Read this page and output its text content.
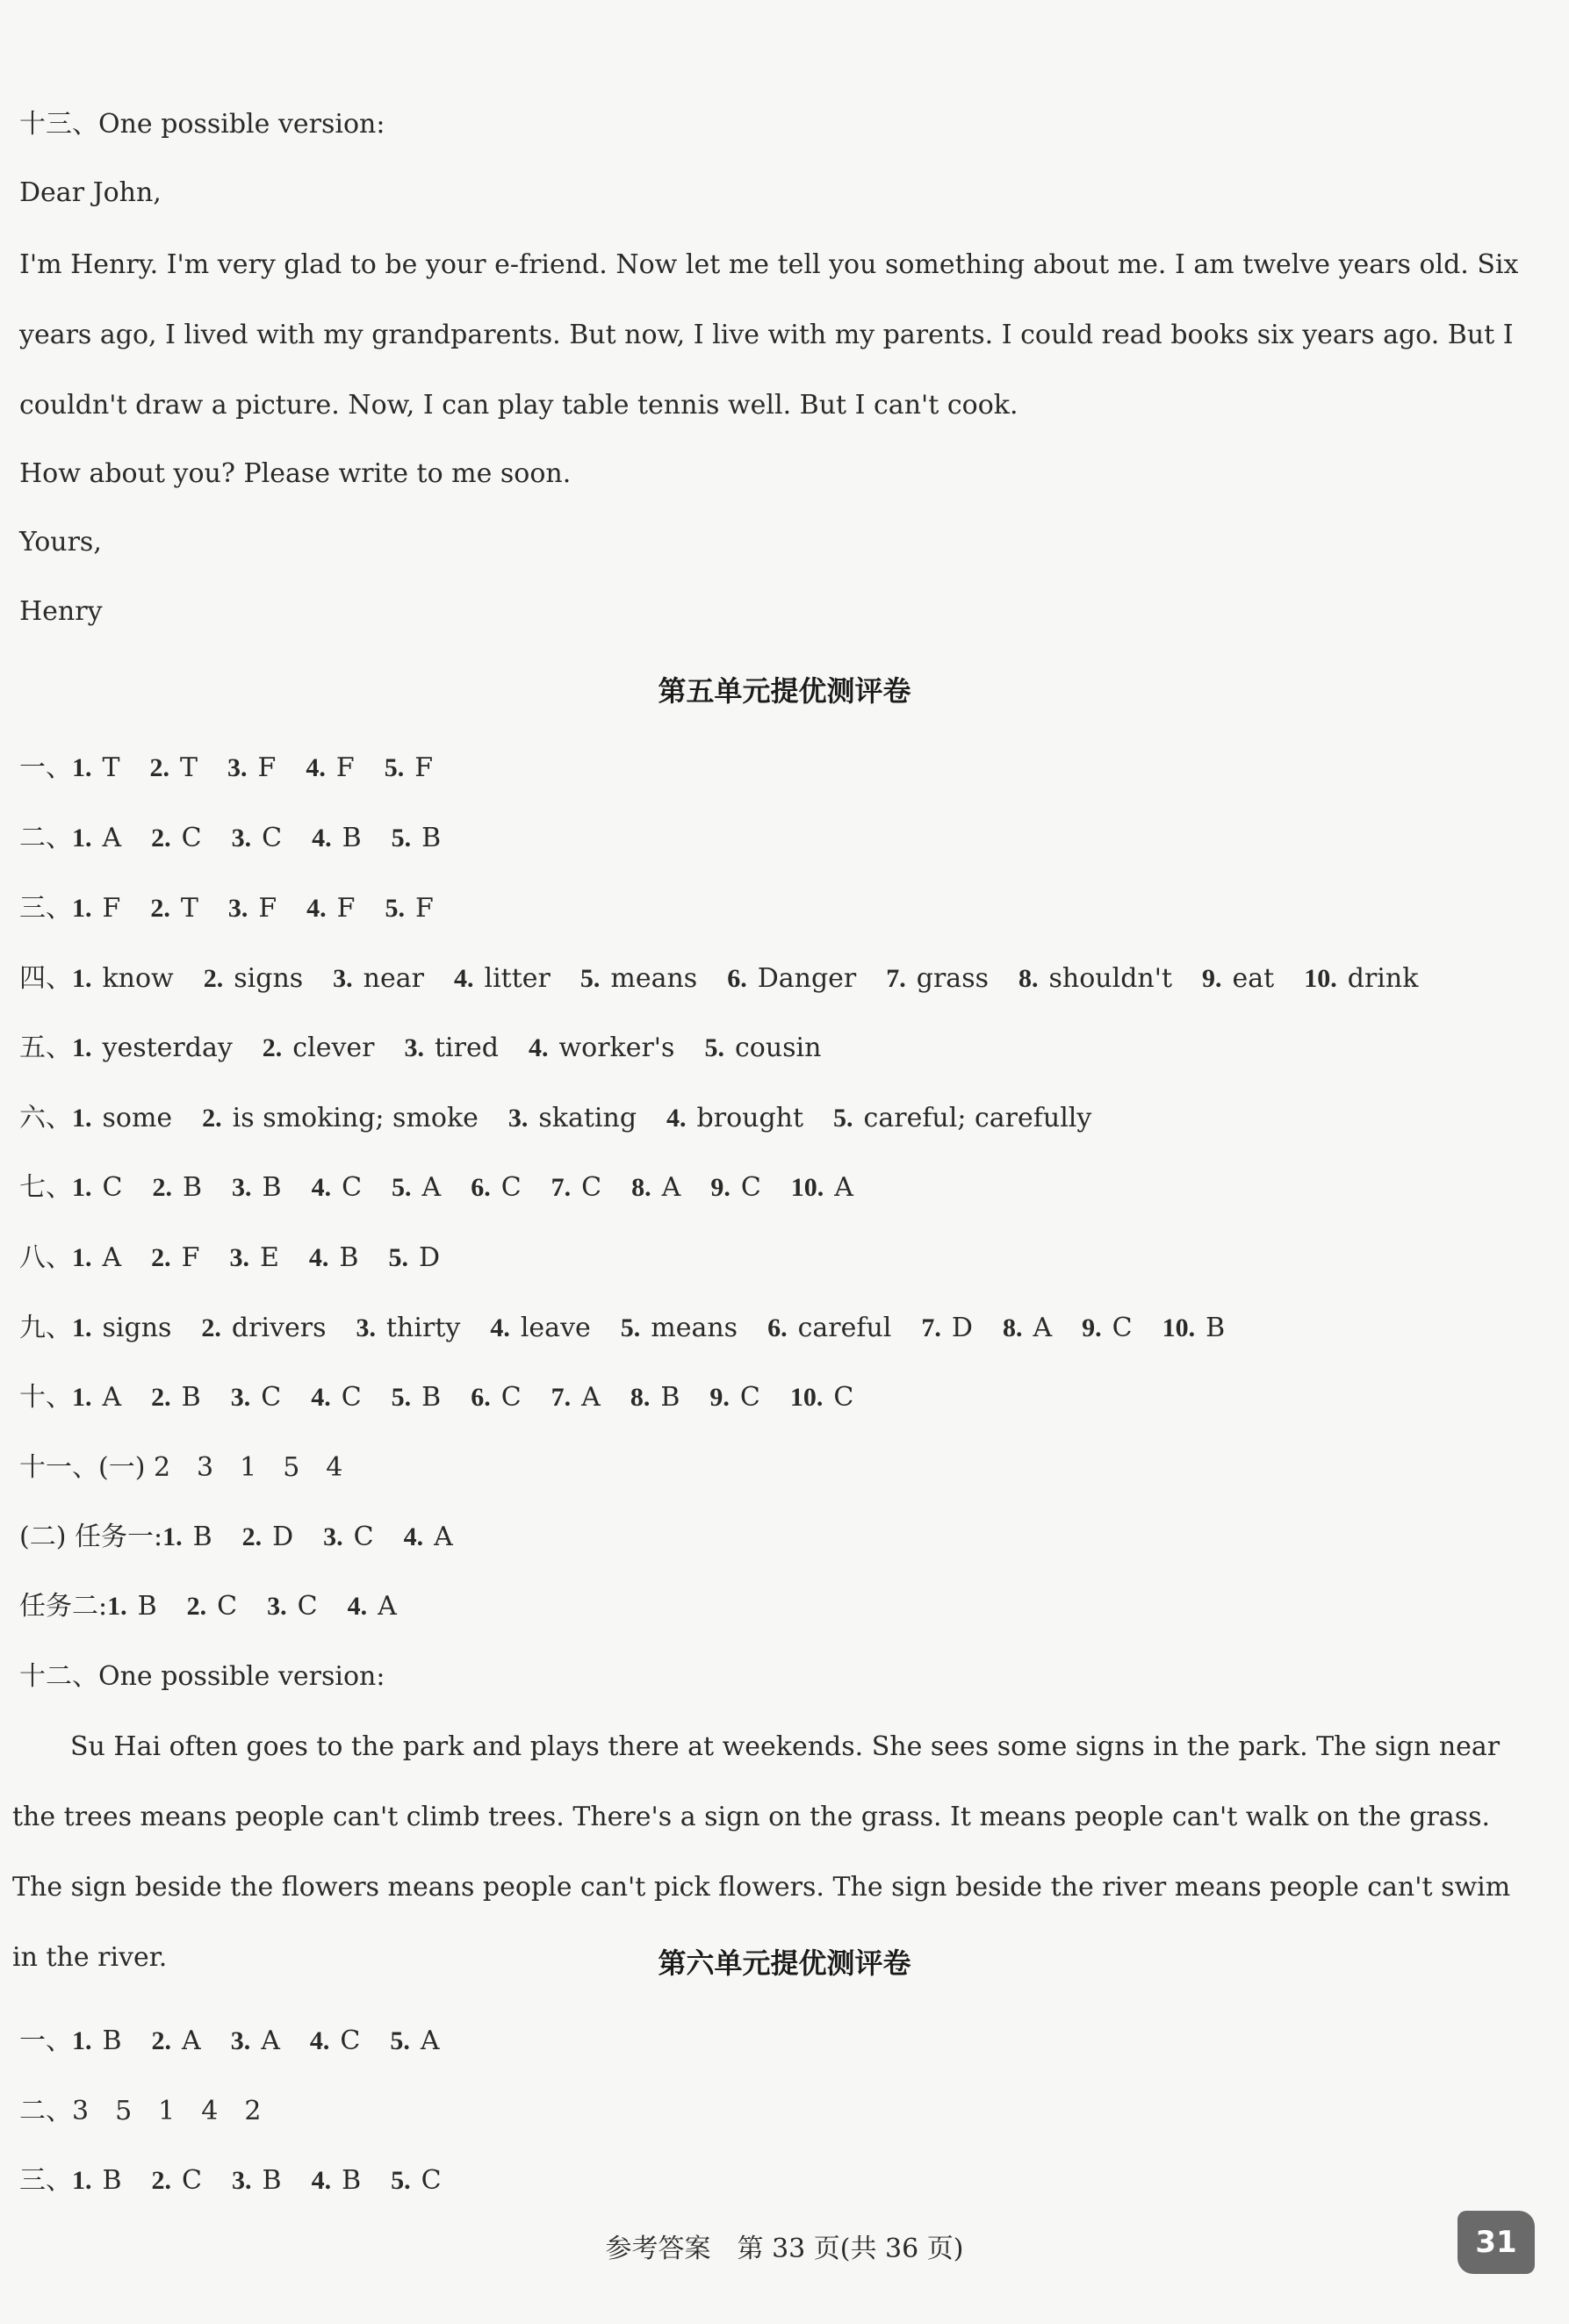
十三、One possible version:
Dear John,
I'm Henry. I'm very glad to be your e-friend. Now let me tell you something about me. I am twelve years old. Six years ago, I lived with my grandparents. But now, I live with my parents. I could read books six years ago. But I couldn't draw a picture. Now, I can play table tennis well. But I can't cook.
How about you? Please write to me soon.
Yours,
Henry
第五单元提优测评卷
一、1. T 2. T 3. F 4. F 5. F
二、1. A 2. C 3. C 4. B 5. B
三、1. F 2. T 3. F 4. F 5. F
四、1. know 2. signs 3. near 4. litter 5. means 6. Danger 7. grass 8. shouldn't 9. eat 10. drink
五、1. yesterday 2. clever 3. tired 4. worker's 5. cousin
六、1. some 2. is smoking; smoke 3. skating 4. brought 5. careful; carefully
七、1. C 2. B 3. B 4. C 5. A 6. C 7. C 8. A 9. C 10. A
八、1. A 2. F 3. E 4. B 5. D
九、1. signs 2. drivers 3. thirty 4. leave 5. means 6. careful 7. D 8. A 9. C 10. B
十、1. A 2. B 3. C 4. C 5. B 6. C 7. A 8. B 9. C 10. C
十一、(一) 2　3　1　5　4
(二) 任务一:1. B 2. D 3. C 4. A
任务二:1. B 2. C 3. C 4. A
十二、One possible version:
Su Hai often goes to the park and plays there at weekends. She sees some signs in the park. The sign near the trees means people can't climb trees. There's a sign on the grass. It means people can't walk on the grass. The sign beside the flowers means people can't pick flowers. The sign beside the river means people can't swim in the river.	第六单元提优测评卷
一、1. B 2. A 3. A 4. C 5. A
二、3　5　1　4　2
三、1. B 2. C 3. B 4. B 5. C
参考答案　第 33 页(共 36 页)	31
